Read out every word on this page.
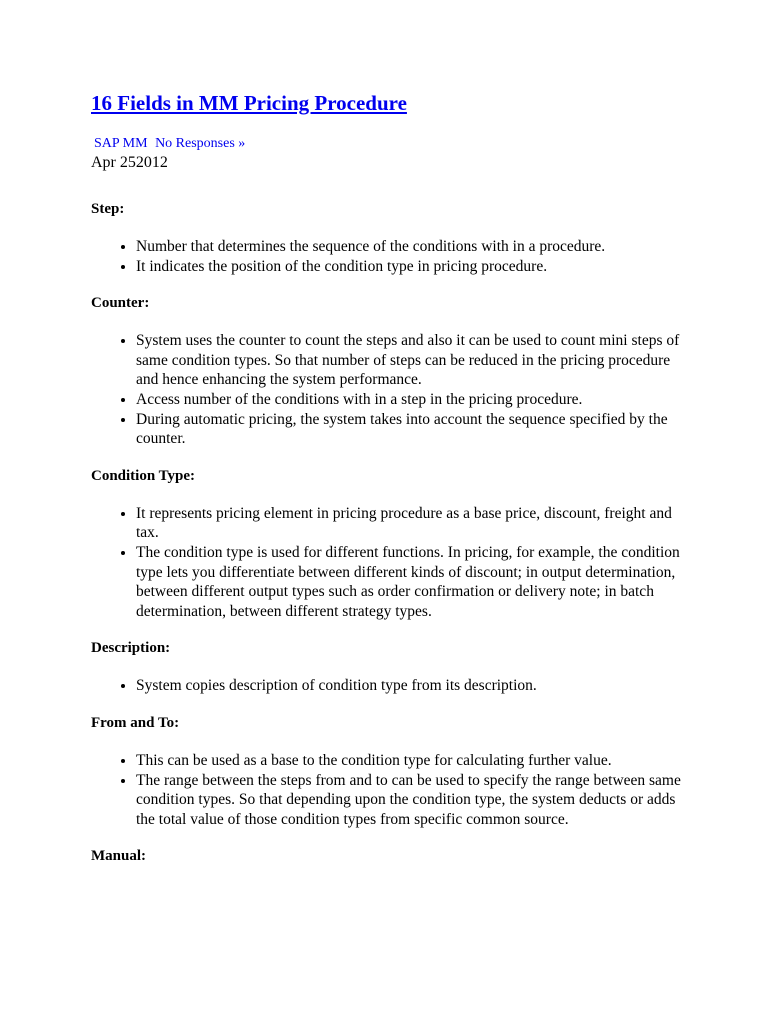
16 Fields in MM Pricing Procedure
SAP MM No Responses »
Apr 252012

Step:

• Number that determines the sequence of the conditions with in a procedure.
• It indicates the position of the condition type in pricing procedure.

Counter:

• System uses the counter to count the steps and also it can be used to count mini steps of same condition types. So that number of steps can be reduced in the pricing procedure and hence enhancing the system performance.
• Access number of the conditions with in a step in the pricing procedure.
• During automatic pricing, the system takes into account the sequence specified by the counter.

Condition Type:

• It represents pricing element in pricing procedure as a base price, discount, freight and tax.
• The condition type is used for different functions. In pricing, for example, the condition type lets you differentiate between different kinds of discount; in output determination, between different output types such as order confirmation or delivery note; in batch determination, between different strategy types.

Description:

• System copies description of condition type from its description.

From and To:

• This can be used as a base to the condition type for calculating further value.
• The range between the steps from and to can be used to specify the range between same condition types. So that depending upon the condition type, the system deducts or adds the total value of those condition types from specific common source.

Manual:
